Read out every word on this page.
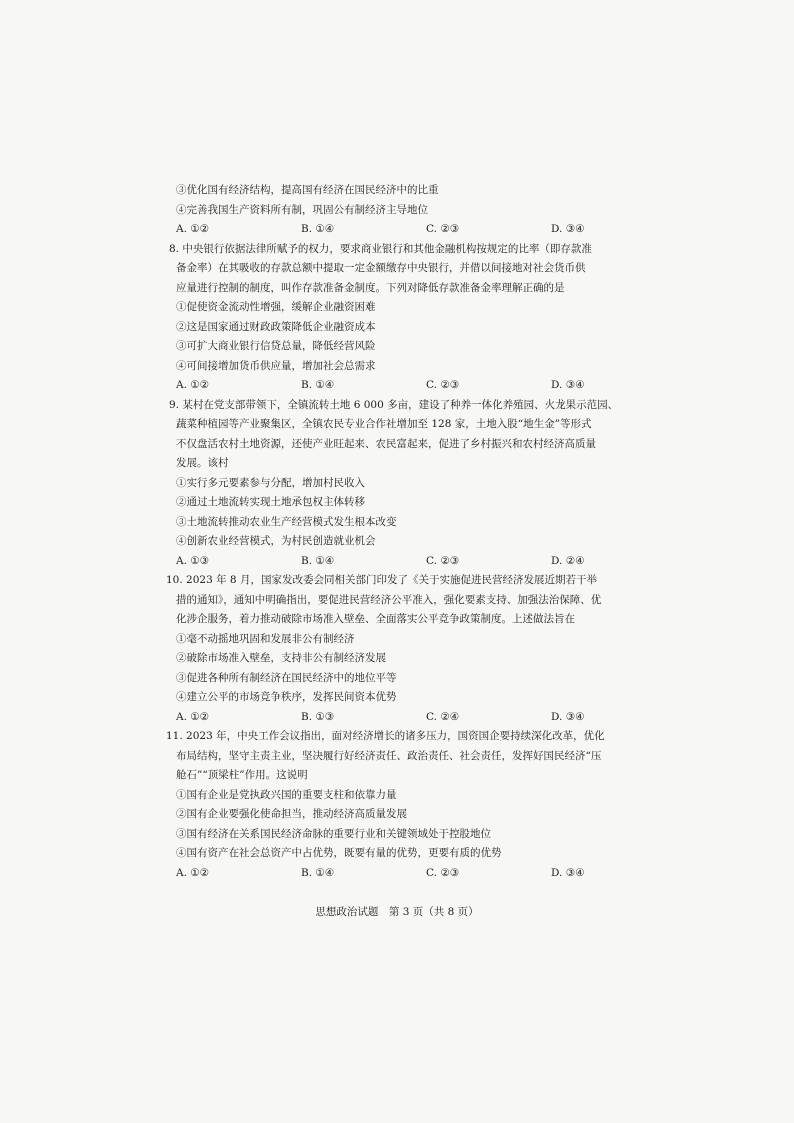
③优化国有经济结构，提高国有经济在国民经济中的比重
④完善我国生产资料所有制，巩固公有制经济主导地位
A. ①②	B. ①④	C. ②③	D. ③④
8. 中央银行依据法律所赋予的权力，要求商业银行和其他金融机构按规定的比率（即存款准
备金率）在其吸收的存款总额中提取一定金额缴存中央银行，并借以间接地对社会货币供
应量进行控制的制度，叫作存款准备金制度。下列对降低存款准备金率理解正确的是
①促使资金流动性增强，缓解企业融资困难
②这是国家通过财政政策降低企业融资成本
③可扩大商业银行信贷总量，降低经营风险
④可间接增加货币供应量，增加社会总需求
A. ①②	B. ①④	C. ②③	D. ③④
9. 某村在党支部带领下，全镇流转土地 6 000 多亩，建设了种养一体化养殖园、火龙果示范园、
蔬菜种植园等产业聚集区，全镇农民专业合作社增加至 128 家，土地入股“地生金”等形式
不仅盘活农村土地资源，还使产业旺起来、农民富起来，促进了乡村振兴和农村经济高质量
发展。该村
①实行多元要素参与分配，增加村民收入
②通过土地流转实现土地承包权主体转移
③土地流转推动农业生产经营模式发生根本改变
④创新农业经营模式，为村民创造就业机会
A. ①③	B. ①④	C. ②③	D. ②④
10. 2023 年 8 月，国家发改委会同相关部门印发了《关于实施促进民营经济发展近期若干举
措的通知》，通知中明确指出，要促进民营经济公平准入，强化要素支持、加强法治保障、优
化涉企服务，着力推动破除市场准入壁垒、全面落实公平竞争政策制度。上述做法旨在
①毫不动摇地巩固和发展非公有制经济
②破除市场准入壁垒，支持非公有制经济发展
③促进各种所有制经济在国民经济中的地位平等
④建立公平的市场竞争秩序，发挥民间资本优势
A. ①②	B. ①③	C. ②④	D. ③④
11. 2023 年，中央工作会议指出，面对经济增长的诸多压力，国资国企要持续深化改革，优化
布局结构，坚守主责主业，坚决履行好经济责任、政治责任、社会责任，发挥好国民经济“压
舱石”“顶梁柱”作用。这说明
①国有企业是党执政兴国的重要支柱和依靠力量
②国有企业要强化使命担当，推动经济高质量发展
③国有经济在关系国民经济命脉的重要行业和关键领域处于控股地位
④国有资产在社会总资产中占优势，既要有量的优势，更要有质的优势
A. ①②	B. ①④	C. ②③	D. ③④
思想政治试题　第 3 页（共 8 页）
